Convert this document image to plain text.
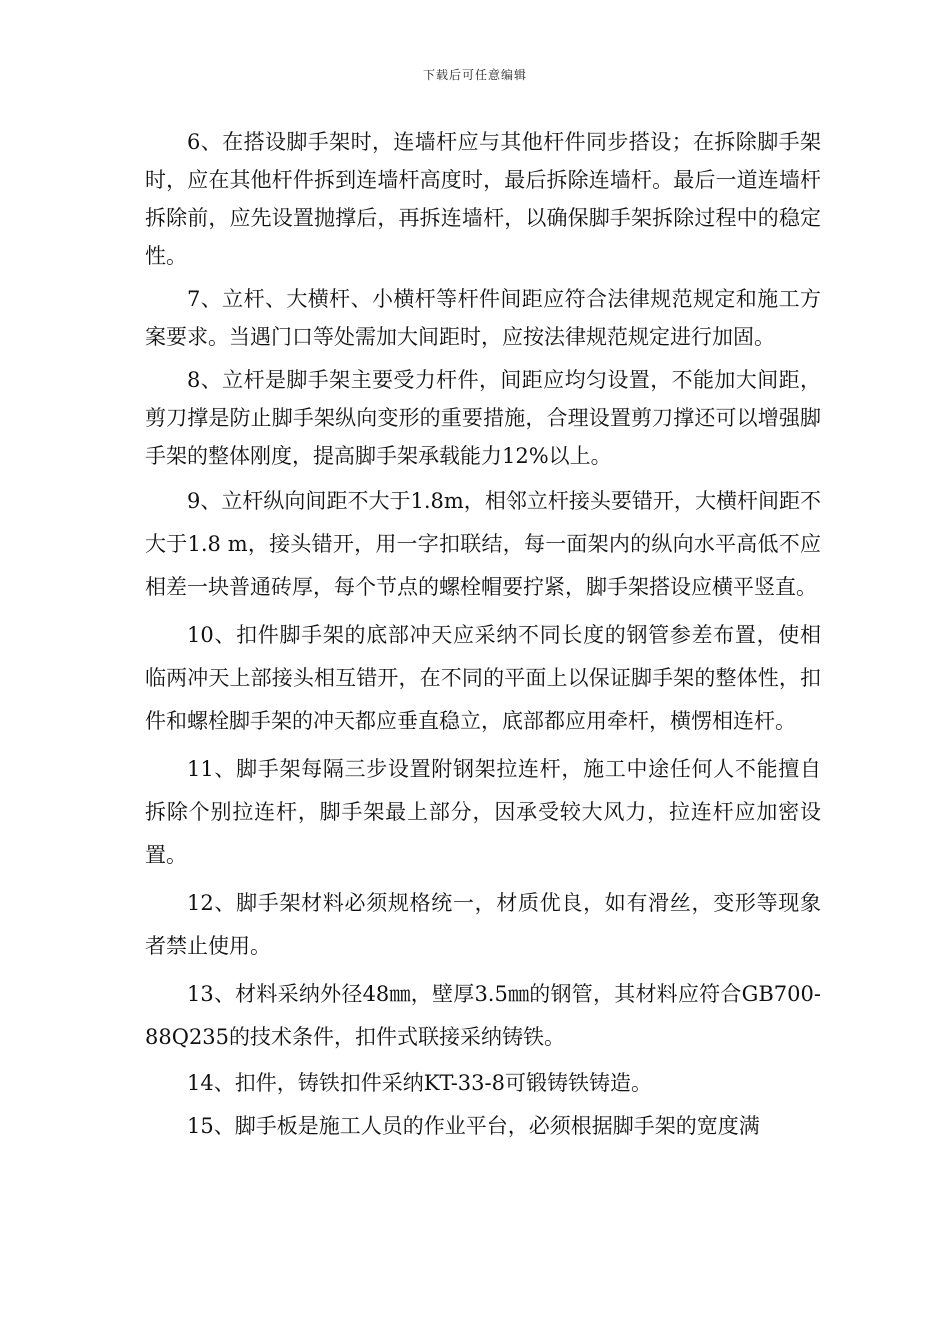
下载后可任意编辑

6、在搭设脚手架时，连墙杆应与其他杆件同步搭设；在拆除脚手架时，应在其他杆件拆到连墙杆高度时，最后拆除连墙杆。最后一道连墙杆拆除前，应先设置抛撑后，再拆连墙杆，以确保脚手架拆除过程中的稳定性。

7、立杆、大横杆、小横杆等杆件间距应符合法律规范规定和施工方案要求。当遇门口等处需加大间距时，应按法律规范规定进行加固。

8、立杆是脚手架主要受力杆件，间距应均匀设置，不能加大间距，剪刀撑是防止脚手架纵向变形的重要措施，合理设置剪刀撑还可以增强脚手架的整体刚度，提高脚手架承载能力12%以上。

9、立杆纵向间距不大于1.8m，相邻立杆接头要错开，大横杆间距不大于1.8 m，接头错开，用一字扣联结，每一面架内的纵向水平高低不应相差一块普通砖厚，每个节点的螺栓帽要拧紧，脚手架搭设应横平竖直。

10、扣件脚手架的底部冲天应采纳不同长度的钢管参差布置，使相临两冲天上部接头相互错开，在不同的平面上以保证脚手架的整体性，扣件和螺栓脚手架的冲天都应垂直稳立，底部都应用牵杆，横愣相连杆。

11、脚手架每隔三步设置附钢架拉连杆，施工中途任何人不能擅自拆除个别拉连杆，脚手架最上部分，因承受较大风力，拉连杆应加密设置。

12、脚手架材料必须规格统一，材质优良，如有滑丝，变形等现象者禁止使用。

13、材料采纳外径48㎜，壁厚3.5㎜的钢管，其材料应符合GB700-88Q235的技术条件，扣件式联接采纳铸铁。

14、扣件，铸铁扣件采纳KT-33-8可锻铸铁铸造。

15、脚手板是施工人员的作业平台，必须根据脚手架的宽度满
